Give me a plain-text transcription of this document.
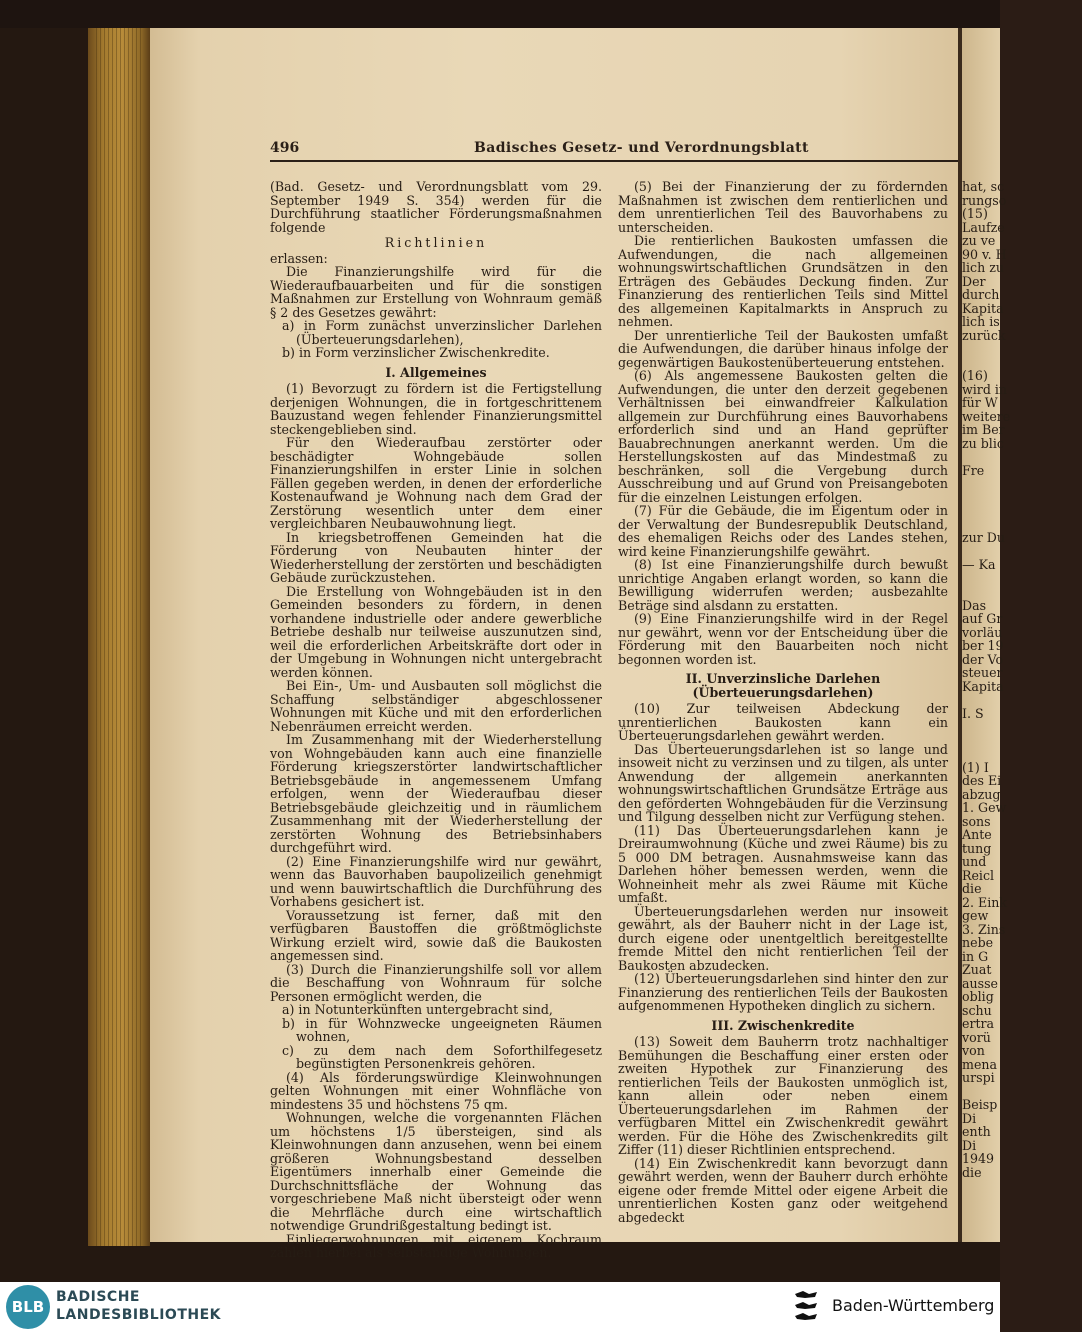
496	Badisches Gesetz- und Verordnungsblatt

(Bad. Gesetz- und Verordnungsblatt vom 29. September 1949 S. 354) werden für die Durchführung staatlicher Förderungsmaßnahmen folgende

Richtlinien

erlassen:

Die Finanzierungshilfe wird für die Wiederaufbauarbeiten und für die sonstigen Maßnahmen zur Erstellung von Wohnraum gemäß § 2 des Gesetzes gewährt:

a) in Form zunächst unverzinslicher Darlehen (Überteuerungsdarlehen),

b) in Form verzinslicher Zwischenkredite.

I. Allgemeines

(1) Bevorzugt zu fördern ist die Fertigstellung derjenigen Wohnungen, die in fortgeschrittenem Bauzustand wegen fehlender Finanzierungsmittel steckengeblieben sind.

Für den Wiederaufbau zerstörter oder beschädigter Wohngebäude sollen Finanzierungshilfen in erster Linie in solchen Fällen gegeben werden, in denen der erforderliche Kostenaufwand je Wohnung nach dem Grad der Zerstörung wesentlich unter dem einer vergleichbaren Neubauwohnung liegt.

In kriegsbetroffenen Gemeinden hat die Förderung von Neubauten hinter der Wiederherstellung der zerstörten und beschädigten Gebäude zurückzustehen.

Die Erstellung von Wohngebäuden ist in den Gemeinden besonders zu fördern, in denen vorhandene industrielle oder andere gewerbliche Betriebe deshalb nur teilweise auszunutzen sind, weil die erforderlichen Arbeitskräfte dort oder in der Umgebung in Wohnungen nicht untergebracht werden können.

Bei Ein-, Um- und Ausbauten soll möglichst die Schaffung selbständiger abgeschlossener Wohnungen mit Küche und mit den erforderlichen Nebenräumen erreicht werden.

Im Zusammenhang mit der Wiederherstellung von Wohngebäuden kann auch eine finanzielle Förderung kriegszerstörter landwirtschaftlicher Betriebsgebäude in angemessenem Umfang erfolgen, wenn der Wiederaufbau dieser Betriebsgebäude gleichzeitig und in räumlichem Zusammenhang mit der Wiederherstellung der zerstörten Wohnung des Betriebsinhabers durchgeführt wird.

(2) Eine Finanzierungshilfe wird nur gewährt, wenn das Bauvorhaben baupolizeilich genehmigt und wenn bauwirtschaftlich die Durchführung des Vorhabens gesichert ist.

Voraussetzung ist ferner, daß mit den verfügbaren Baustoffen die größtmöglichste Wirkung erzielt wird, sowie daß die Baukosten angemessen sind.

(3) Durch die Finanzierungshilfe soll vor allem die Beschaffung von Wohnraum für solche Personen ermöglicht werden, die

a) in Notunterkünften untergebracht sind,

b) in für Wohnzwecke ungeeigneten Räumen wohnen,

c) zu dem nach dem Soforthilfegesetz begünstigten Personenkreis gehören.

(4) Als förderungswürdige Kleinwohnungen gelten Wohnungen mit einer Wohnfläche von mindestens 35 und höchstens 75 qm.

Wohnungen, welche die vorgenannten Flächen um höchstens 1/5 übersteigen, sind als Kleinwohnungen dann anzusehen, wenn bei einem größeren Wohnungsbestand desselben Eigentümers innerhalb einer Gemeinde die Durchschnittsfläche der Wohnung das vorgeschriebene Maß nicht übersteigt oder wenn die Mehrfläche durch eine wirtschaftlich notwendige Grundrißgestaltung bedingt ist.

Einliegerwohnungen mit eigenem Kochraum zählen hierbei als selbständige Wohnungen.

(5) Bei der Finanzierung der zu fördernden Maßnahmen ist zwischen dem rentierlichen und dem unrentierlichen Teil des Bauvorhabens zu unterscheiden.

Die rentierlichen Baukosten umfassen die Aufwendungen, die nach allgemeinen wohnungswirtschaftlichen Grundsätzen in den Erträgen des Gebäudes Deckung finden. Zur Finanzierung des rentierlichen Teils sind Mittel des allgemeinen Kapitalmarkts in Anspruch zu nehmen.

Der unrentierliche Teil der Baukosten umfaßt die Aufwendungen, die darüber hinaus infolge der gegenwärtigen Baukostenüberteuerung entstehen.

(6) Als angemessene Baukosten gelten die Aufwendungen, die unter den derzeit gegebenen Verhältnissen bei einwandfreier Kalkulation allgemein zur Durchführung eines Bauvorhabens erforderlich sind und an Hand geprüfter Bauabrechnungen anerkannt werden. Um die Herstellungskosten auf das Mindestmaß zu beschränken, soll die Vergebung durch Ausschreibung und auf Grund von Preisangeboten für die einzelnen Leistungen erfolgen.

(7) Für die Gebäude, die im Eigentum oder in der Verwaltung der Bundesrepublik Deutschland, des ehemaligen Reichs oder des Landes stehen, wird keine Finanzierungshilfe gewährt.

(8) Ist eine Finanzierungshilfe durch bewußt unrichtige Angaben erlangt worden, so kann die Bewilligung widerrufen werden; ausbezahlte Beträge sind alsdann zu erstatten.

(9) Eine Finanzierungshilfe wird in der Regel nur gewährt, wenn vor der Entscheidung über die Förderung mit den Bauarbeiten noch nicht begonnen worden ist.

II. Unverzinsliche Darlehen (Überteuerungsdarlehen)

(10) Zur teilweisen Abdeckung der unrentierlichen Baukosten kann ein Überteuerungsdarlehen gewährt werden.

Das Überteuerungsdarlehen ist so lange und insoweit nicht zu verzinsen und zu tilgen, als unter Anwendung der allgemein anerkannten wohnungswirtschaftlichen Grundsätze Erträge aus den geförderten Wohngebäuden für die Verzinsung und Tilgung desselben nicht zur Verfügung stehen.

(11) Das Überteuerungsdarlehen kann je Dreiraumwohnung (Küche und zwei Räume) bis zu 5 000 DM betragen. Ausnahmsweise kann das Darlehen höher bemessen werden, wenn die Wohneinheit mehr als zwei Räume mit Küche umfaßt.

Überteuerungsdarlehen werden nur insoweit gewährt, als der Bauherr nicht in der Lage ist, durch eigene oder unentgeltlich bereitgestellte fremde Mittel den nicht rentierlichen Teil der Baukosten abzudecken.

(12) Überteuerungsdarlehen sind hinter den zur Finanzierung des rentierlichen Teils der Baukosten aufgenommenen Hypotheken dinglich zu sichern.

III. Zwischenkredite

(13) Soweit dem Bauherrn trotz nachhaltiger Bemühungen die Beschaffung einer ersten oder zweiten Hypothek zur Finanzierung des rentierlichen Teils der Baukosten unmöglich ist, kann allein oder neben einem Überteuerungsdarlehen im Rahmen der verfügbaren Mittel ein Zwischenkredit gewährt werden. Für die Höhe des Zwischenkredits gilt Ziffer (11) dieser Richtlinien entsprechend.

(14) Ein Zwischenkredit kann bevorzugt dann gewährt werden, wenn der Bauherr durch erhöhte eigene oder fremde Mittel oder eigene Arbeit die unrentierlichen Kosten ganz oder weitgehend abgedeckt

hat, sc
rungso
(15)
Laufze
zu ve
90 v. H
lich zu
Der
durch
Kapita
lich is
zurück

(16)
wird in
für W
weitere
im Ber
zu blic

Fre

zur Du

— Ka

Das
auf Gr
vorläu
ber 19
der Vo
steuer
Kapita

I. S

(1) I
des Ei
abzug
1. Gew
sons
Ante
tung
und
Reicl
die
2. Eink
gew
3. Zins
nebe
in G
Zuat
ausse
oblig
schu
ertra
vorü
von
mena
urspi

Beisp
Di
enth
Di
1949
die
BLB
BADISCHE
LANDESBIBLIOTHEK	Baden-Württemberg
